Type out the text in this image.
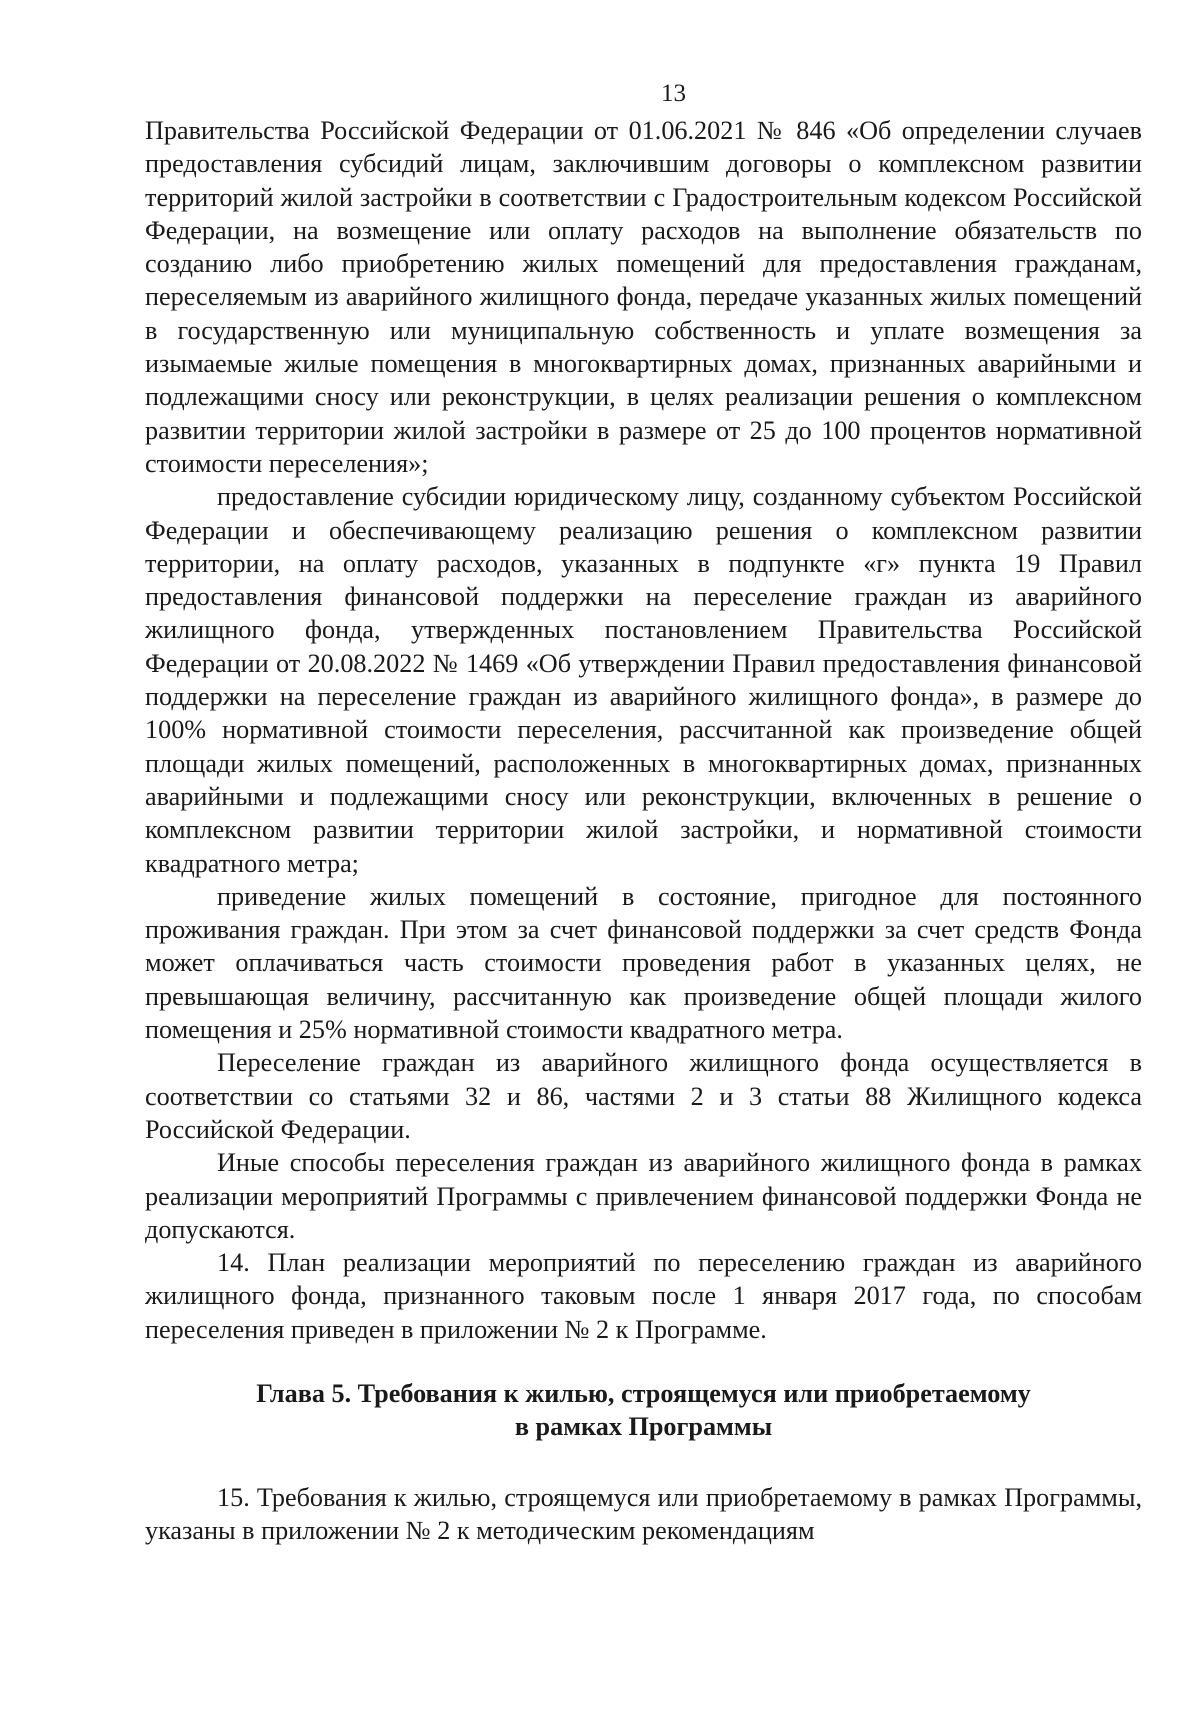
13

Правительства Российской Федерации от 01.06.2021 № 846 «Об определении случаев предоставления субсидий лицам, заключившим договоры о комплексном развитии территорий жилой застройки в соответствии с Градостроительным кодексом Российской Федерации, на возмещение или оплату расходов на выполнение обязательств по созданию либо приобретению жилых помещений для предоставления гражданам, переселяемым из аварийного жилищного фонда, передаче указанных жилых помещений в государственную или муниципальную собственность и уплате возмещения за изымаемые жилые помещения в многоквартирных домах, признанных аварийными и подлежащими сносу или реконструкции, в целях реализации решения о комплексном развитии территории жилой застройки в размере от 25 до 100 процентов нормативной стоимости переселения»;

предоставление субсидии юридическому лицу, созданному субъектом Российской Федерации и обеспечивающему реализацию решения о комплексном развитии территории, на оплату расходов, указанных в подпункте «г» пункта 19 Правил предоставления финансовой поддержки на переселение граждан из аварийного жилищного фонда, утвержденных постановлением Правительства Российской Федерации от 20.08.2022 № 1469 «Об утверждении Правил предоставления финансовой поддержки на переселение граждан из аварийного жилищного фонда», в размере до 100% нормативной стоимости переселения, рассчитанной как произведение общей площади жилых помещений, расположенных в многоквартирных домах, признанных аварийными и подлежащими сносу или реконструкции, включенных в решение о комплексном развитии территории жилой застройки, и нормативной стоимости квадратного метра;

приведение жилых помещений в состояние, пригодное для постоянного проживания граждан. При этом за счет финансовой поддержки за счет средств Фонда может оплачиваться часть стоимости проведения работ в указанных целях, не превышающая величину, рассчитанную как произведение общей площади жилого помещения и 25% нормативной стоимости квадратного метра.

Переселение граждан из аварийного жилищного фонда осуществляется в соответствии со статьями 32 и 86, частями 2 и 3 статьи 88 Жилищного кодекса Российской Федерации.

Иные способы переселения граждан из аварийного жилищного фонда в рамках реализации мероприятий Программы с привлечением финансовой поддержки Фонда не допускаются.

14. План реализации мероприятий по переселению граждан из аварийного жилищного фонда, признанного таковым после 1 января 2017 года, по способам переселения приведен в приложении № 2 к Программе.

Глава 5. Требования к жилью, строящемуся или приобретаемому
в рамках Программы

15. Требования к жилью, строящемуся или приобретаемому в рамках Программы, указаны в приложении № 2 к методическим рекомендациям
